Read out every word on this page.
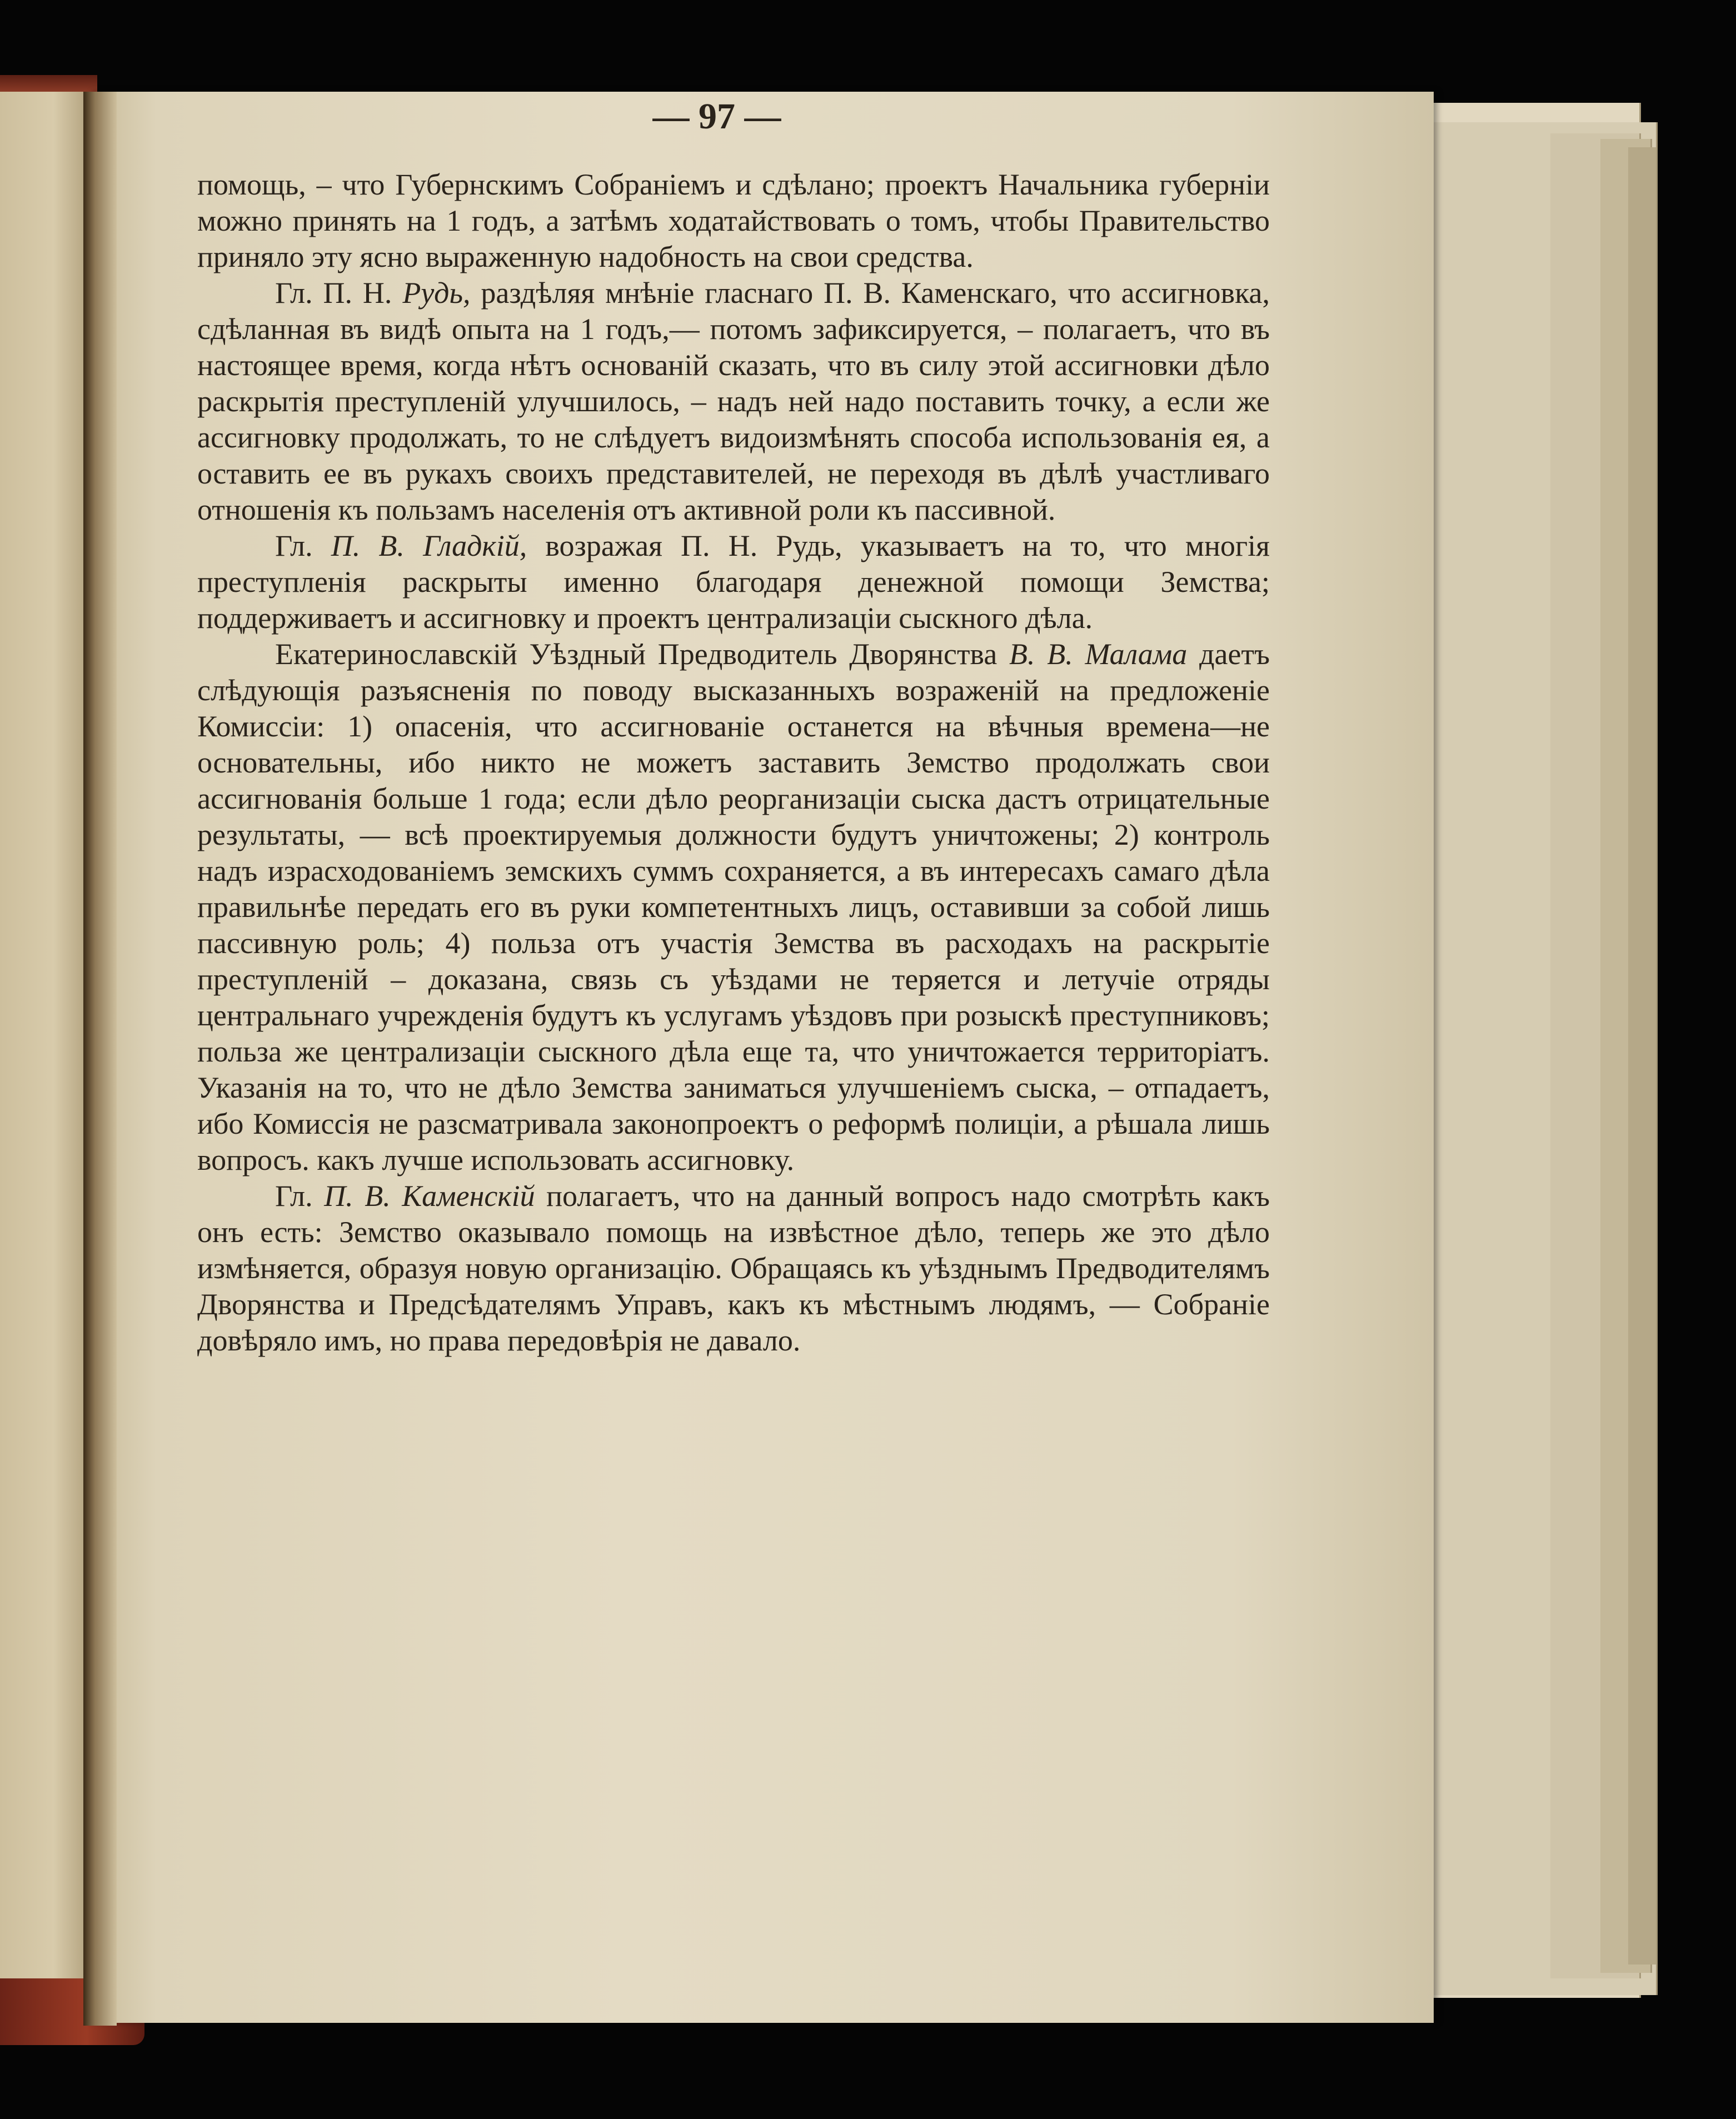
— 97 —

помощь, – что Губернскимъ Собраніемъ и сдѣлано; проектъ Начальника губерніи можно принять на 1 годъ, а затѣмъ ходатайствовать о томъ, чтобы Правительство приняло эту ясно выраженную надобность на свои средства.

Гл. П. Н. Рудь, раздѣляя мнѣніе гласнаго П. В. Каменскаго, что ассигновка, сдѣланная въ видѣ опыта на 1 годъ,— потомъ зафиксируется, – полагаетъ, что въ настоящее время, когда нѣтъ основаній сказать, что въ силу этой ассигновки дѣло раскрытія преступленій улучшилось, – надъ ней надо поставить точку, а если же ассигновку продолжать, то не слѣдуетъ видоизмѣнять способа использованія ея, а оставить ее въ рукахъ своихъ представителей, не переходя въ дѣлѣ участливаго отношенія къ пользамъ населенія отъ активной роли къ пассивной.

Гл. П. В. Гладкій, возражая П. Н. Рудь, указываетъ на то, что многія преступленія раскрыты именно благодаря денежной помощи Земства; поддерживаетъ и ассигновку и проектъ централизаціи сыскного дѣла.

Екатеринославскій Уѣздный Предводитель Дворянства В. В. Малама даетъ слѣдующія разъясненія по поводу высказанныхъ возраженій на предложеніе Комиссіи: 1) опасенія, что ассигнованіе останется на вѣчныя времена—не основательны, ибо никто не можетъ заставить Земство продолжать свои ассигнованія больше 1 года; если дѣло реорганизаціи сыска дастъ отрицательные результаты, — всѣ проектируемыя должности будутъ уничтожены; 2) контроль надъ израсходованіемъ земскихъ суммъ сохраняется, а въ интересахъ самаго дѣла правильнѣе передать его въ руки компетентныхъ лицъ, оставивши за собой лишь пассивную роль; 4) польза отъ участія Земства въ расходахъ на раскрытіе преступленій – доказана, связь съ уѣздами не теряется и летучіе отряды центральнаго учрежденія будутъ къ услугамъ уѣздовъ при розыскѣ преступниковъ; польза же централизаціи сыскного дѣла еще та, что уничтожается территоріатъ. Указанія на то, что не дѣло Земства заниматься улучшеніемъ сыска, – отпадаетъ, ибо Комиссія не разсматривала законопроектъ о реформѣ полиціи, а рѣшала лишь вопросъ. какъ лучше использовать ассигновку.

Гл. П. В. Каменскій полагаетъ, что на данный вопросъ надо смотрѣть какъ онъ есть: Земство оказывало помощь на извѣстное дѣло, теперь же это дѣло измѣняется, образуя новую организацію. Обращаясь къ уѣзднымъ Предводителямъ Дворянства и Предсѣдателямъ Управъ, какъ къ мѣстнымъ людямъ, — Собраніе довѣряло имъ, но права передовѣрія не давало.
